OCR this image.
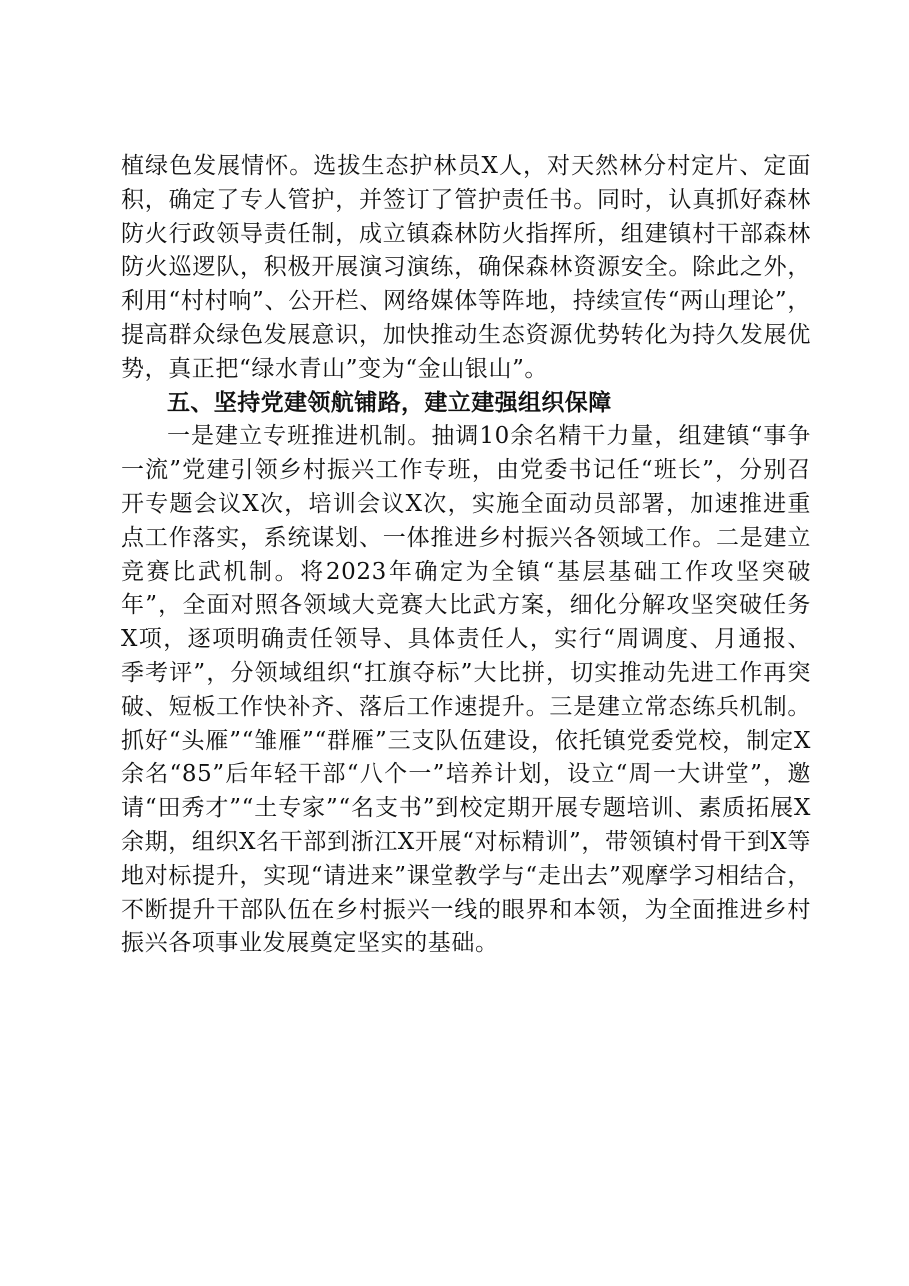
植绿色发展情怀。选拔生态护林员X人，对天然林分村定片、定面积，确定了专人管护，并签订了管护责任书。同时，认真抓好森林防火行政领导责任制，成立镇森林防火指挥所，组建镇村干部森林防火巡逻队，积极开展演习演练，确保森林资源安全。除此之外，利用“村村响”、公开栏、网络媒体等阵地，持续宣传“两山理论”，提高群众绿色发展意识，加快推动生态资源优势转化为持久发展优势，真正把“绿水青山”变为“金山银山”。

五、坚持党建领航铺路，建立建强组织保障

一是建立专班推进机制。抽调10余名精干力量，组建镇“事争一流”党建引领乡村振兴工作专班，由党委书记任“班长”，分别召开专题会议X次，培训会议X次，实施全面动员部署，加速推进重点工作落实，系统谋划、一体推进乡村振兴各领域工作。二是建立竞赛比武机制。将2023年确定为全镇“基层基础工作攻坚突破年”，全面对照各领域大竞赛大比武方案，细化分解攻坚突破任务X项，逐项明确责任领导、具体责任人，实行“周调度、月通报、季考评”，分领域组织“扛旗夺标”大比拼，切实推动先进工作再突破、短板工作快补齐、落后工作速提升。三是建立常态练兵机制。抓好“头雁”“雏雁”“群雁”三支队伍建设，依托镇党委党校，制定X余名“85”后年轻干部“八个一”培养计划，设立“周一大讲堂”，邀请“田秀才”“土专家”“名支书”到校定期开展专题培训、素质拓展X余期，组织X名干部到浙江X开展“对标精训”，带领镇村骨干到X等地对标提升，实现“请进来”课堂教学与“走出去”观摩学习相结合，不断提升干部队伍在乡村振兴一线的眼界和本领，为全面推进乡村振兴各项事业发展奠定坚实的基础。
